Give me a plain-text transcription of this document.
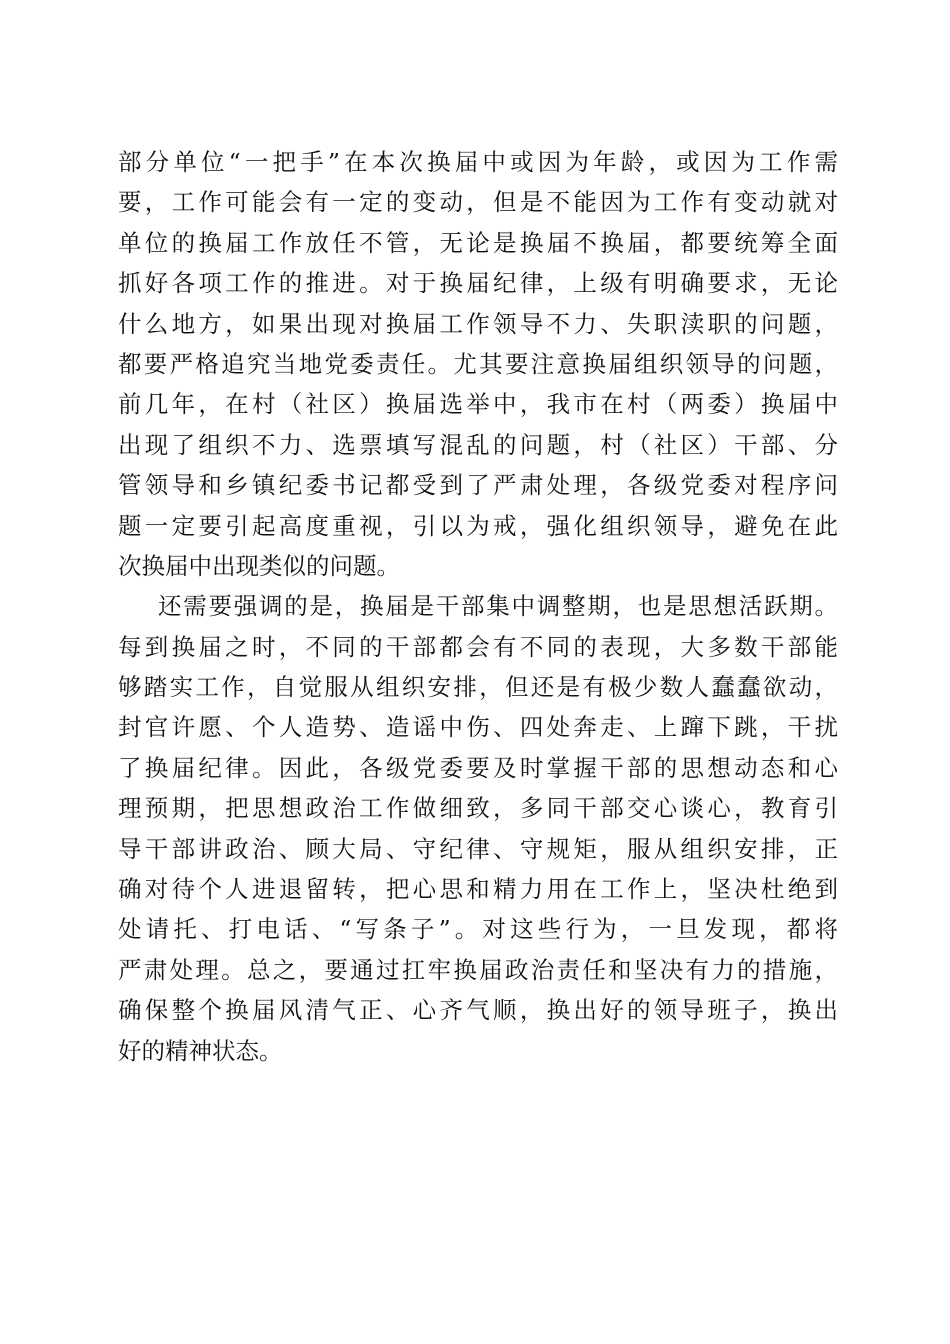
部分单位“一把手”在本次换届中或因为年龄，或因为工作需
要，工作可能会有一定的变动，但是不能因为工作有变动就对
单位的换届工作放任不管，无论是换届不换届，都要统筹全面
抓好各项工作的推进。对于换届纪律，上级有明确要求，无论
什么地方，如果出现对换届工作领导不力、失职渎职的问题，
都要严格追究当地党委责任。尤其要注意换届组织领导的问题，
前几年，在村（社区）换届选举中，我市在村（两委）换届中
出现了组织不力、选票填写混乱的问题，村（社区）干部、分
管领导和乡镇纪委书记都受到了严肃处理，各级党委对程序问
题一定要引起高度重视，引以为戒，强化组织领导，避免在此
次换届中出现类似的问题。
还需要强调的是，换届是干部集中调整期，也是思想活跃期。
每到换届之时，不同的干部都会有不同的表现，大多数干部能
够踏实工作，自觉服从组织安排，但还是有极少数人蠢蠢欲动，
封官许愿、个人造势、造谣中伤、四处奔走、上蹿下跳，干扰
了换届纪律。因此，各级党委要及时掌握干部的思想动态和心
理预期，把思想政治工作做细致，多同干部交心谈心，教育引
导干部讲政治、顾大局、守纪律、守规矩，服从组织安排，正
确对待个人进退留转，把心思和精力用在工作上，坚决杜绝到
处请托、打电话、“写条子”。对这些行为，一旦发现，都将
严肃处理。总之，要通过扛牢换届政治责任和坚决有力的措施，
确保整个换届风清气正、心齐气顺，换出好的领导班子，换出
好的精神状态。
